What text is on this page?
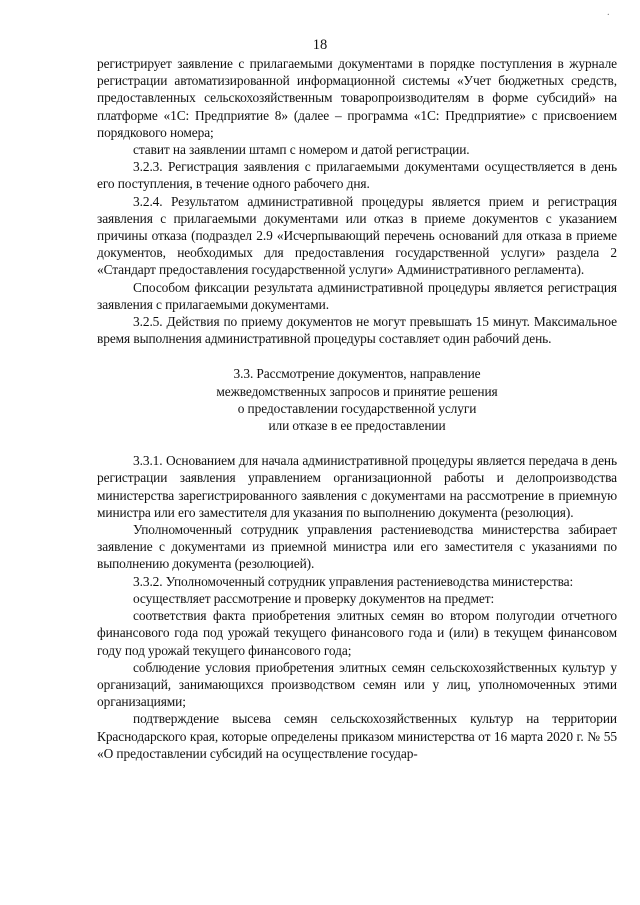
·
18

регистрирует заявление с прилагаемыми документами в порядке поступления в журнале регистрации автоматизированной информационной системы «Учет бюджетных средств, предоставленных сельскохозяйственным товаропроизводителям в форме субсидий» на платформе «1С: Предприятие 8» (далее – программа «1С: Предприятие» с присвоением порядкового номера;

ставит на заявлении штамп с номером и датой регистрации.

3.2.3. Регистрация заявления с прилагаемыми документами осуществляется в день его поступления, в течение одного рабочего дня.

3.2.4. Результатом административной процедуры является прием и регистрация заявления с прилагаемыми документами или отказ в приеме документов с указанием причины отказа (подраздел 2.9 «Исчерпывающий перечень оснований для отказа в приеме документов, необходимых для предоставления государственной услуги» раздела 2 «Стандарт предоставления государственной услуги» Административного регламента).

Способом фиксации результата административной процедуры является регистрация заявления с прилагаемыми документами.

3.2.5. Действия по приему документов не могут превышать 15 минут. Максимальное время выполнения административной процедуры составляет один рабочий день.

3.3. Рассмотрение документов, направление
межведомственных запросов и принятие решения
о предоставлении государственной услуги
или отказе в ее предоставлении

3.3.1. Основанием для начала административной процедуры является передача в день регистрации заявления управлением организационной работы и делопроизводства министерства зарегистрированного заявления с документами на рассмотрение в приемную министра или его заместителя для указания по выполнению документа (резолюция).

Уполномоченный сотрудник управления растениеводства министерства забирает заявление с документами из приемной министра или его заместителя с указаниями по выполнению документа (резолюцией).

3.3.2. Уполномоченный сотрудник управления растениеводства министерства:

осуществляет рассмотрение и проверку документов на предмет:

соответствия факта приобретения элитных семян во втором полугодии отчетного финансового года под урожай текущего финансового года и (или) в текущем финансовом году под урожай текущего финансового года;

соблюдение условия приобретения элитных семян сельскохозяйственных культур у организаций, занимающихся производством семян или у лиц, уполномоченных этими организациями;

подтверждение высева семян сельскохозяйственных культур на территории Краснодарского края, которые определены приказом министерства от 16 марта 2020 г. № 55 «О предоставлении субсидий на осуществление государ-
